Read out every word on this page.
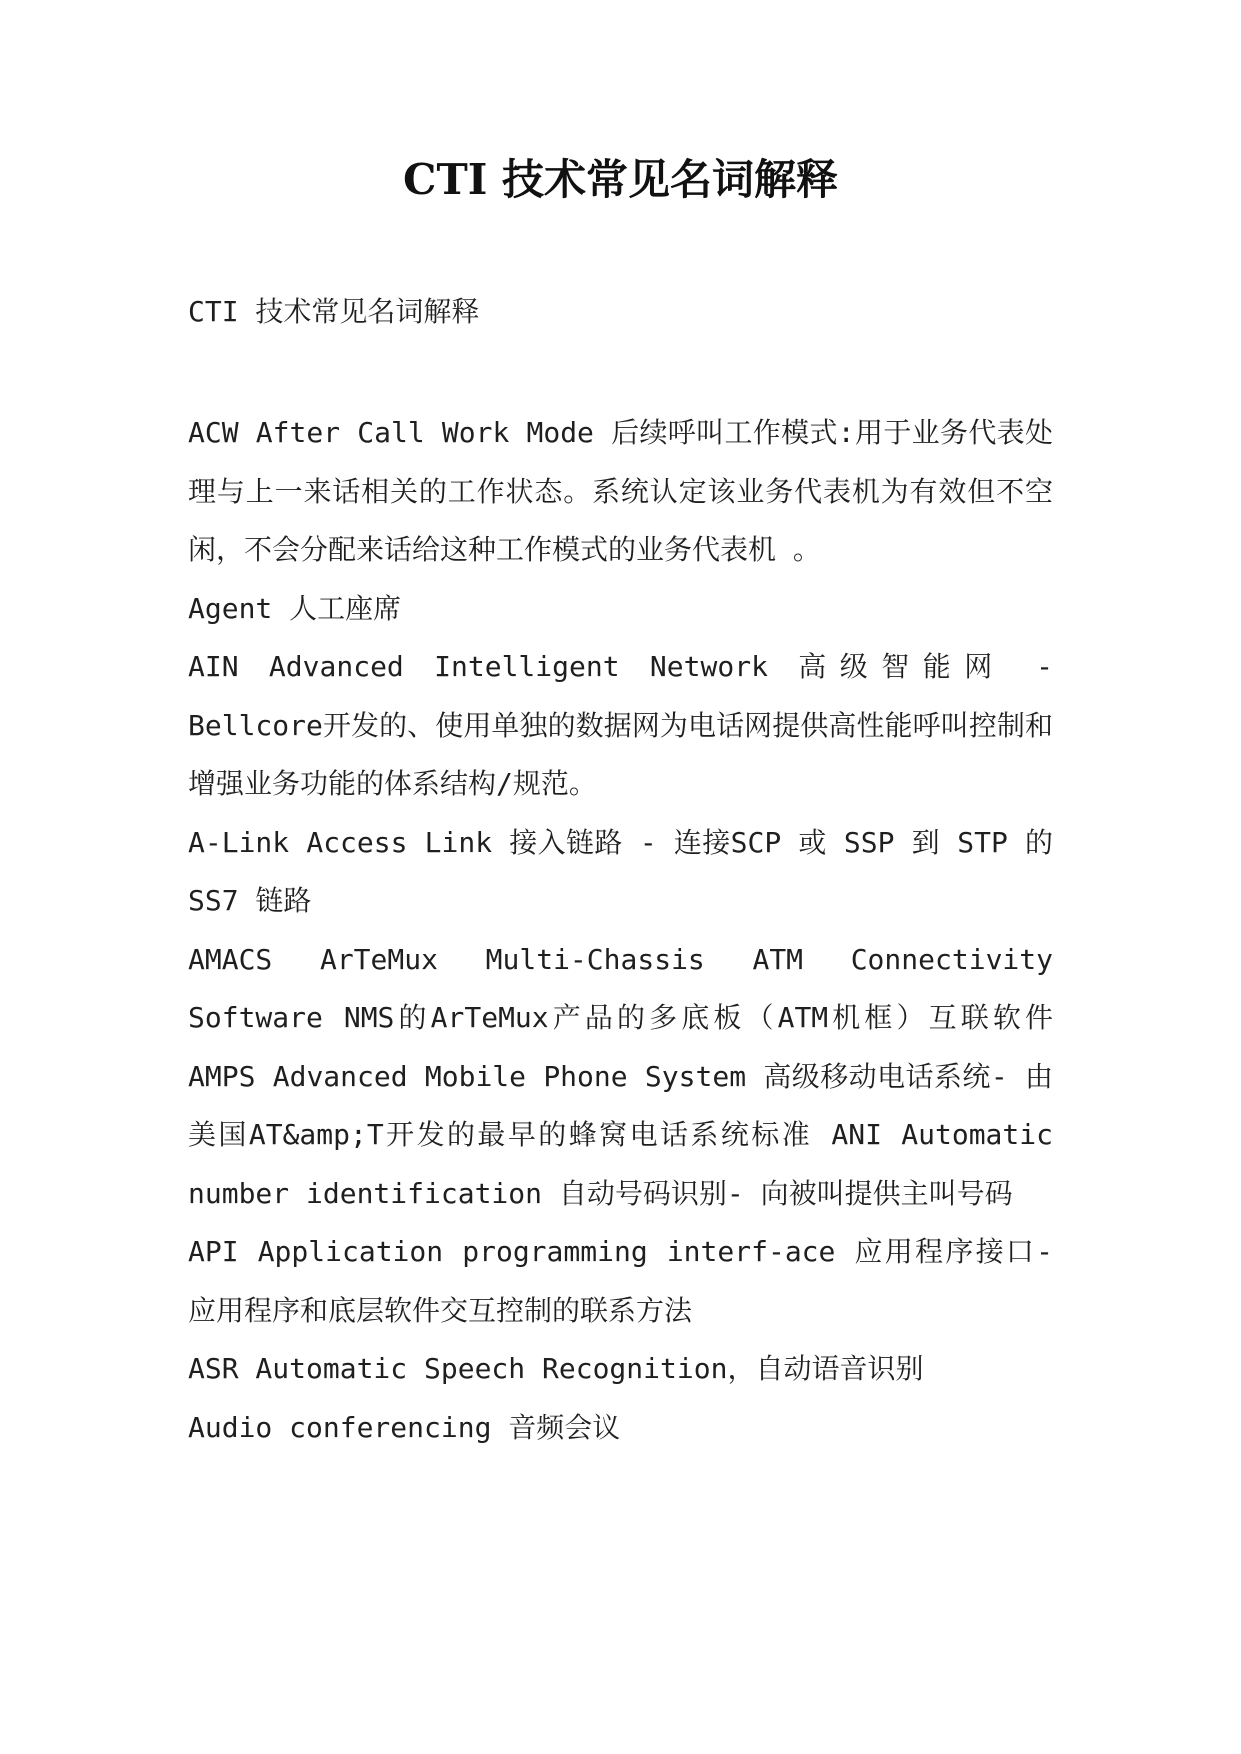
CTI 技术常见名词解释

CTI 技术常见名词解释

ACW After Call Work Mode 后续呼叫工作模式:用于业务代表处理与上一来话相关的工作状态。系统认定该业务代表机为有效但不空闲，不会分配来话给这种工作模式的业务代表机 。

Agent 人工座席

AIN Advanced Intelligent Network 高级智能网 - Bellcore开发的、使用单独的数据网为电话网提供高性能呼叫控制和增强业务功能的体系结构/规范。

A-Link Access Link 接入链路 - 连接SCP 或 SSP 到 STP 的SS7 链路

AMACS ArTeMux Multi-Chassis ATM Connectivity Software NMS的ArTeMux产品的多底板（ATM机框）互联软件 AMPS Advanced Mobile Phone System 高级移动电话系统- 由美国AT&amp;T开发的最早的蜂窝电话系统标准 ANI Automatic number identification 自动号码识别- 向被叫提供主叫号码

API Application programming interf-ace 应用程序接口- 应用程序和底层软件交互控制的联系方法

ASR Automatic Speech Recognition，自动语音识别

Audio conferencing 音频会议
